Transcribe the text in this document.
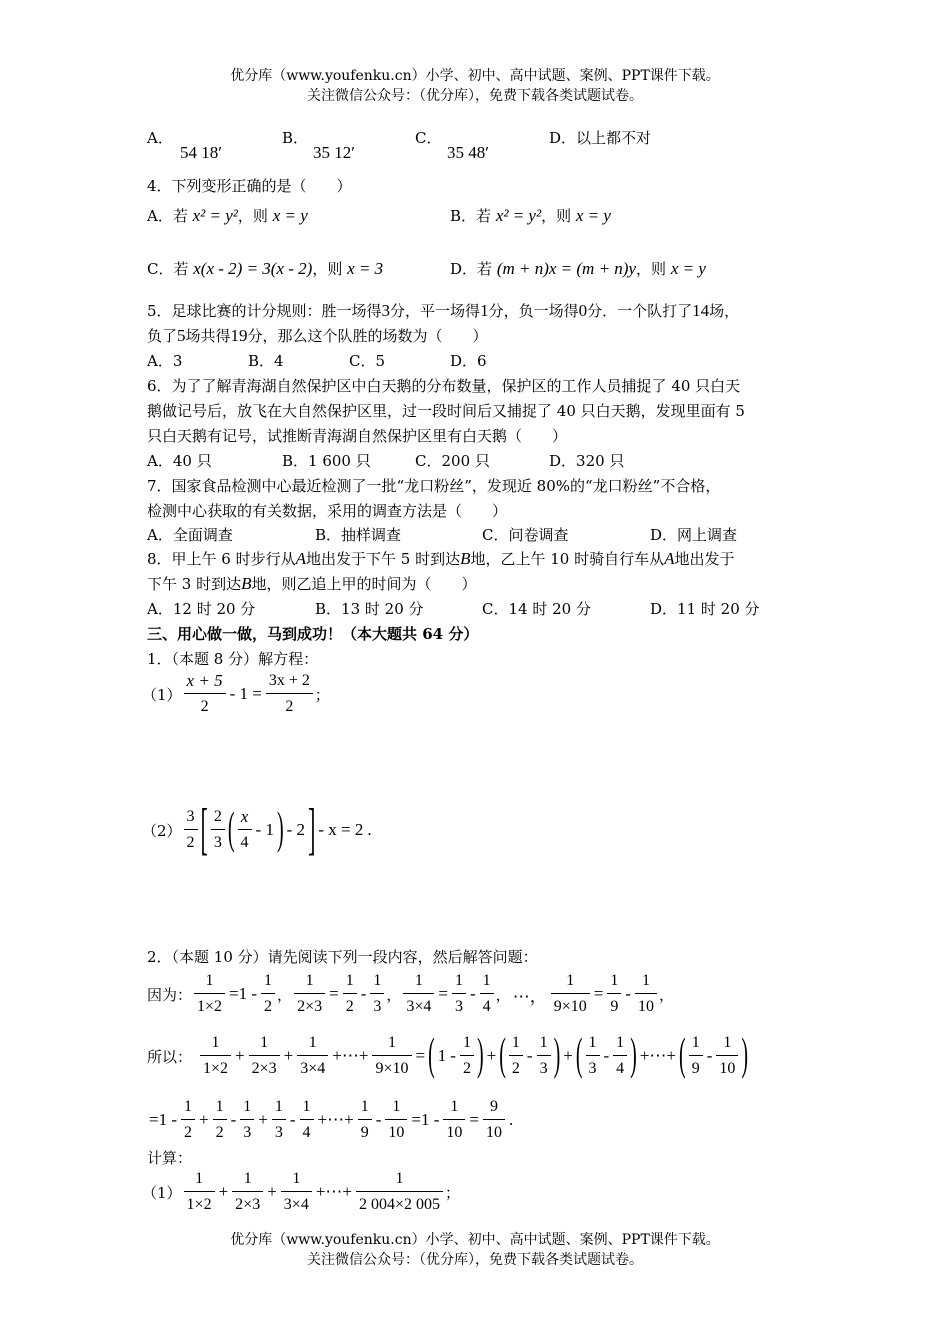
优分库（www.youfenku.cn）小学、初中、高中试题、案例、PPT课件下载。
关注微信公众号：（优分库），免费下载各类试题试卷。
A．
54 18′
B．
35 12′
C．
35 48′
D．以上都不对
4．下列变形正确的是（　　）
A．若 x² = y²，则 x = y	B．若 x² = y²，则 x = y
C．若 x(x - 2) = 3(x - 2)，则 x = 3	D．若 (m + n)x = (m + n)y，则 x = y
5．足球比赛的计分规则：胜一场得3分，平一场得1分，负一场得0分．一个队打了14场，
负了5场共得19分，那么这个队胜的场数为（　　）
A．3	B．4	C．5	D．6
6．为了了解青海湖自然保护区中白天鹅的分布数量，保护区的工作人员捕捉了 40 只白天
鹅做记号后，放飞在大自然保护区里，过一段时间后又捕捉了 40 只白天鹅，发现里面有 5
只白天鹅有记号，试推断青海湖自然保护区里有白天鹅（　　）
A．40 只	B．1 600 只	C．200 只	D．320 只
7．国家食品检测中心最近检测了一批“龙口粉丝”，发现近 80%的“龙口粉丝”不合格，
检测中心获取的有关数据，采用的调查方法是（　　）
A．全面调查	B．抽样调查	C．问卷调查	D．网上调查
8．甲上午 6 时步行从A地出发于下午 5 时到达B地，乙上午 10 时骑自行车从A地出发于
下午 3 时到达B地，则乙追上甲的时间为（　　）
A．12 时 20 分	B．13 时 20 分	C．14 时 20 分	D．11 时 20 分
三、用心做一做，马到成功！（本大题共 64 分）
1．（本题 8 分）解方程：
$(1) \frac{x + 5}{2} - 1 = \frac{3x + 2}{2}$ ；
$(2) \frac{3}{2}$ [ $\frac{2}{3}$ ( $\frac{x}{4} - 1$ ) - 2 ] - x = 2 .
2．（本题 10 分）请先阅读下列一段内容，然后解答问题：
因为： $\frac{1}{1\times 2} =1 - \frac{1}{2}$ ， $\frac{1}{2\times 3} = \frac{1}{2} - \frac{1}{3}$ ， $\frac{1}{3\times 4} = \frac{1}{3} - \frac{1}{4}$ ， ⋯， $\frac{1}{9\times 10} = \frac{1}{9} - \frac{1}{10}$ ，
所以： $\frac{1}{1\times 2} + \frac{1}{2\times 3} + \frac{1}{3\times 4}$ +⋯+ $\frac{1}{9\times 10}$ = ( $1 - \frac{1}{2}$ ) + ( $\frac{1}{2} - \frac{1}{3}$ ) + ( $\frac{1}{3} - \frac{1}{4}$ ) +⋯+ ( $\frac{1}{9} - \frac{1}{10}$ )
$=1 - \frac{1}{2} + \frac{1}{2} - \frac{1}{3} + \frac{1}{3} - \frac{1}{4}$ +⋯+ $\frac{1}{9} - \frac{1}{10} =1 - \frac{1}{10} = \frac{9}{10}$ .
计算：
$(1) \frac{1}{1\times 2} + \frac{1}{2\times 3} + \frac{1}{3\times 4}$ +⋯+ $\frac{1}{2 004\times 2 005}$ ；
优分库（www.youfenku.cn）小学、初中、高中试题、案例、PPT课件下载。
关注微信公众号：（优分库），免费下载各类试题试卷。
